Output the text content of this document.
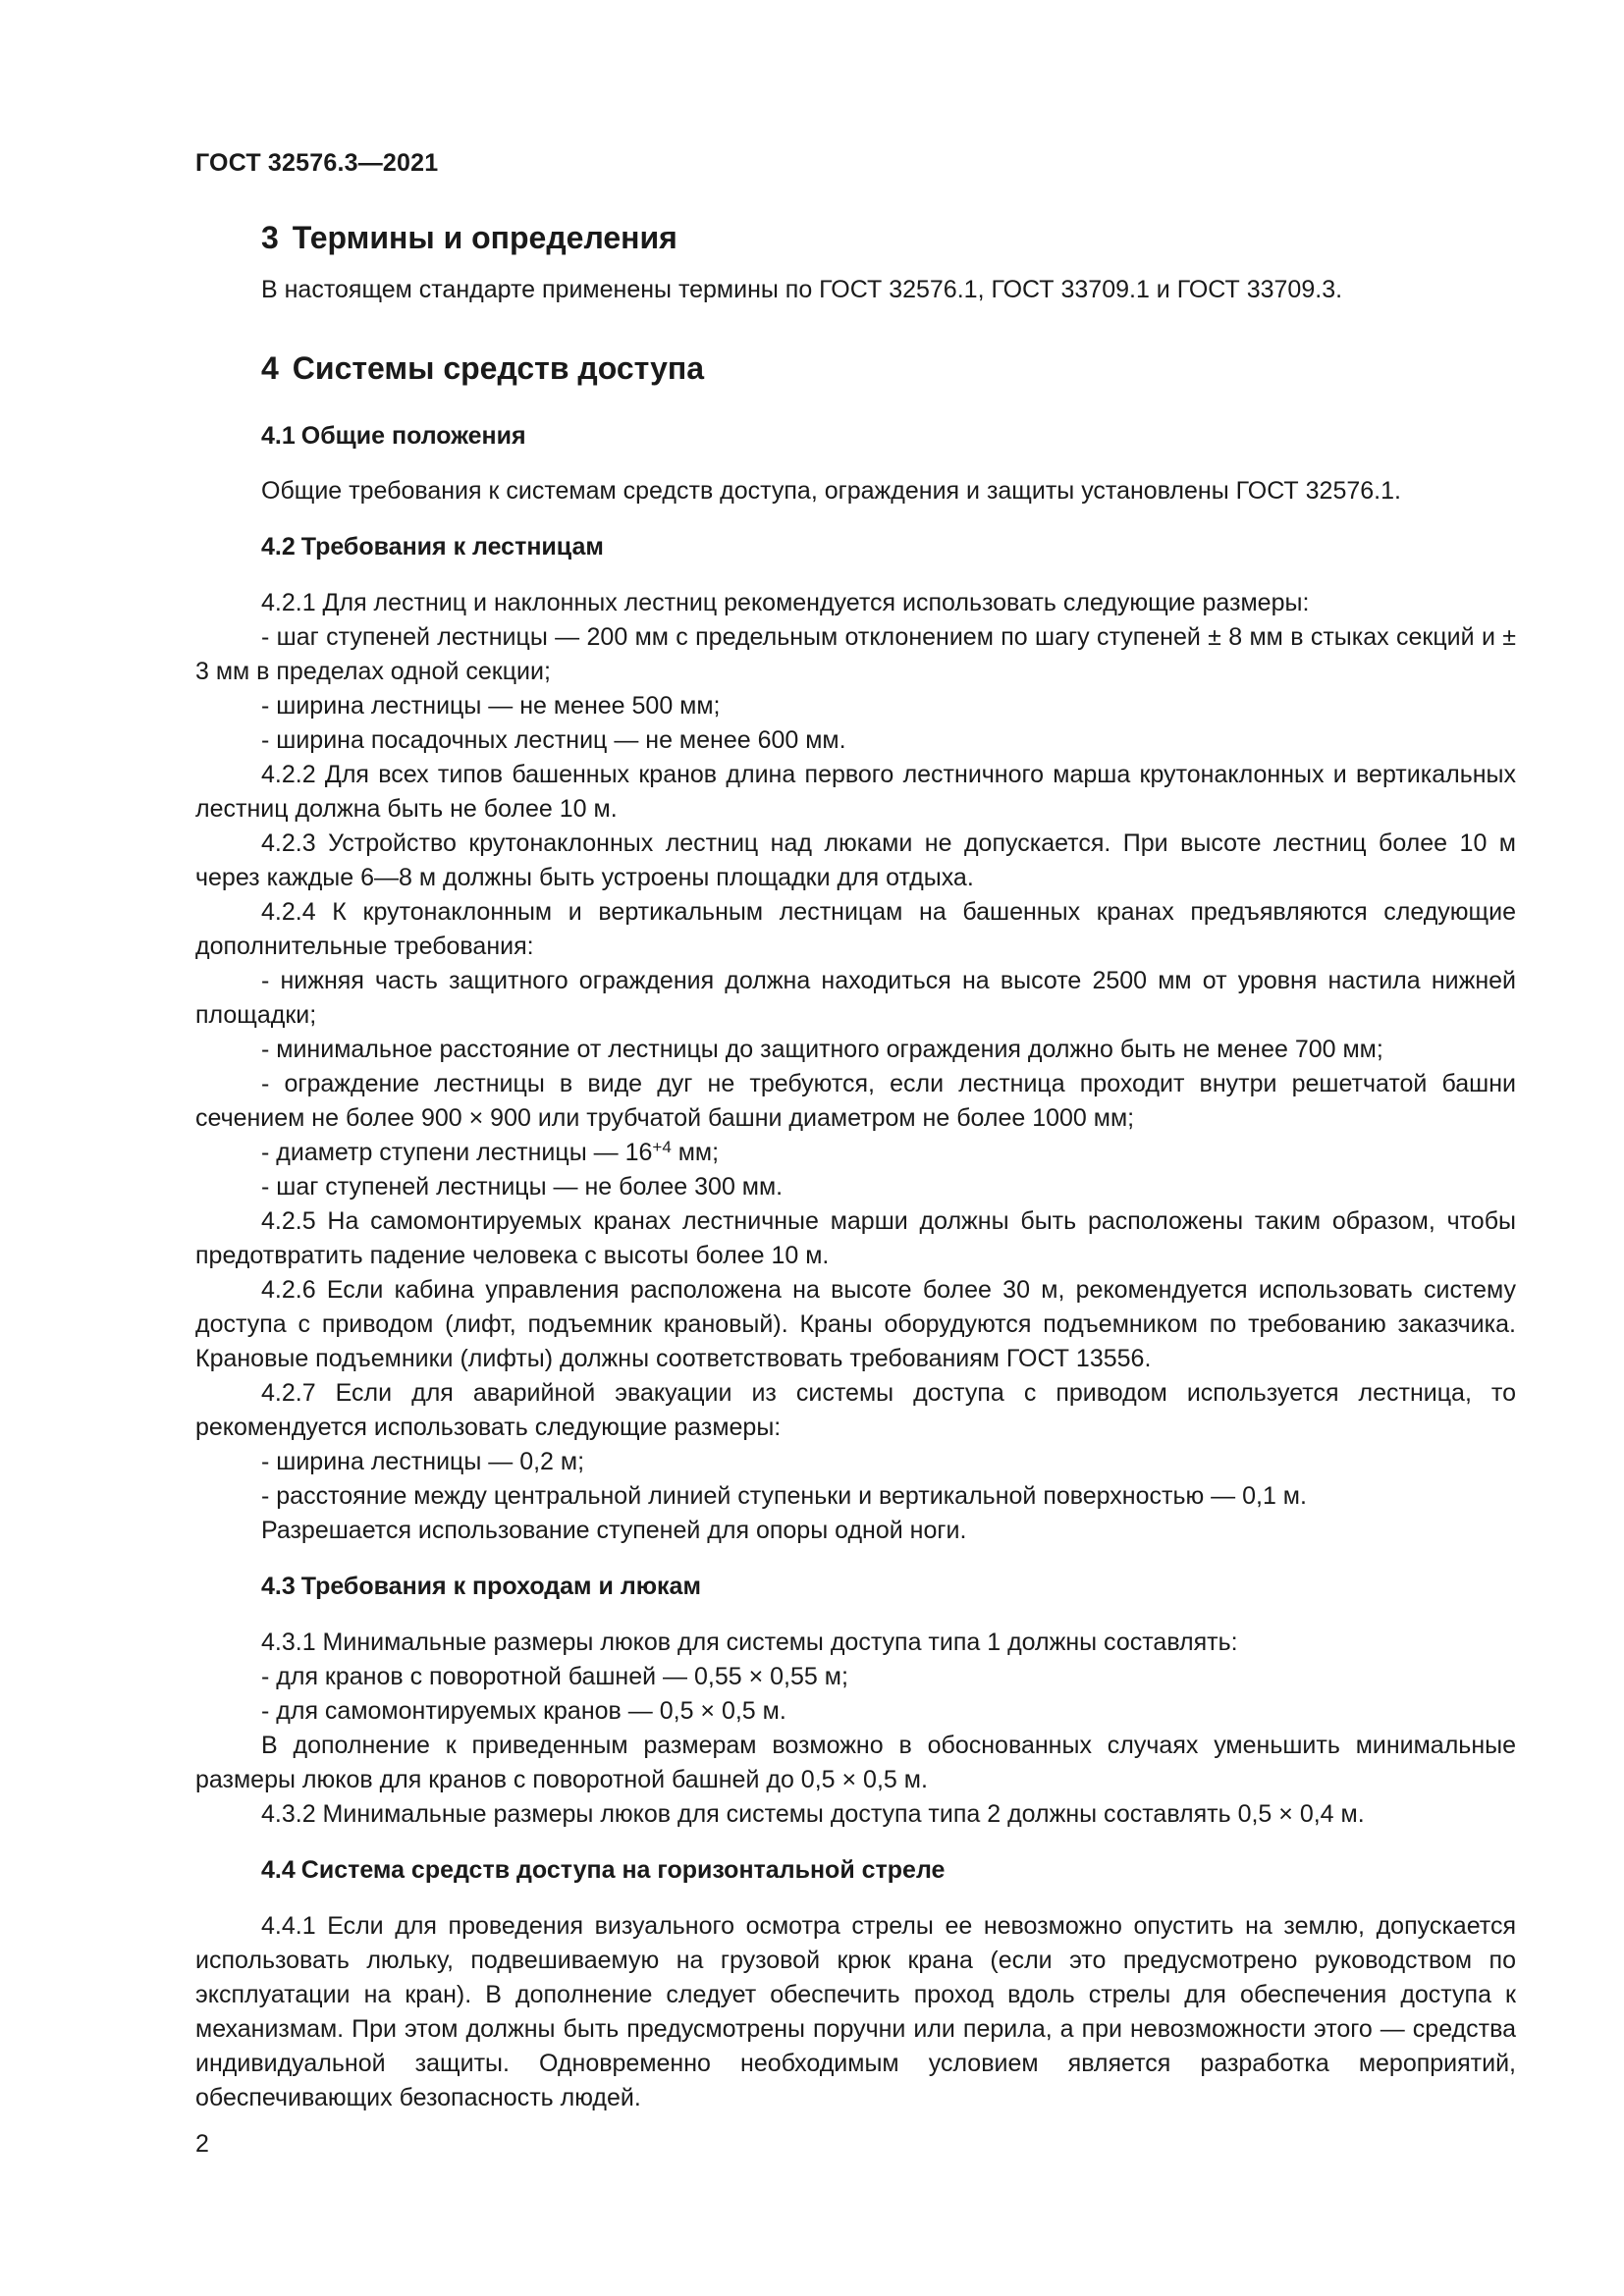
ГОСТ 32576.3—2021
3 Термины и определения

В настоящем стандарте применены термины по ГОСТ 32576.1, ГОСТ 33709.1 и ГОСТ 33709.3.

4 Системы средств доступа
4.1 Общие положения

Общие требования к системам средств доступа, ограждения и защиты установлены ГОСТ 32576.1.

4.2 Требования к лестницам

4.2.1 Для лестниц и наклонных лестниц рекомендуется использовать следующие размеры:

- шаг ступеней лестницы — 200 мм с предельным отклонением по шагу ступеней ± 8 мм в стыках секций и ± 3 мм в пределах одной секции;

- ширина лестницы — не менее 500 мм;

- ширина посадочных лестниц — не менее 600 мм.

4.2.2 Для всех типов башенных кранов длина первого лестничного марша крутонаклонных и вертикальных лестниц должна быть не более 10 м.

4.2.3 Устройство крутонаклонных лестниц над люками не допускается. При высоте лестниц более 10 м через каждые 6—8 м должны быть устроены площадки для отдыха.

4.2.4 К крутонаклонным и вертикальным лестницам на башенных кранах предъявляются следующие дополнительные требования:

- нижняя часть защитного ограждения должна находиться на высоте 2500 мм от уровня настила нижней площадки;

- минимальное расстояние от лестницы до защитного ограждения должно быть не менее 700 мм;

- ограждение лестницы в виде дуг не требуются, если лестница проходит внутри решетчатой башни сечением не более 900 × 900 или трубчатой башни диаметром не более 1000 мм;

- диаметр ступени лестницы — $16^{+4}$ мм;

- шаг ступеней лестницы — не более 300 мм.

4.2.5 На самомонтируемых кранах лестничные марши должны быть расположены таким образом, чтобы предотвратить падение человека с высоты более 10 м.

4.2.6 Если кабина управления расположена на высоте более 30 м, рекомендуется использовать систему доступа с приводом (лифт, подъемник крановый). Краны оборудуются подъемником по требованию заказчика. Крановые подъемники (лифты) должны соответствовать требованиям ГОСТ 13556.

4.2.7 Если для аварийной эвакуации из системы доступа с приводом используется лестница, то рекомендуется использовать следующие размеры:

- ширина лестницы — 0,2 м;

- расстояние между центральной линией ступеньки и вертикальной поверхностью — 0,1 м.

Разрешается использование ступеней для опоры одной ноги.

4.3 Требования к проходам и люкам

4.3.1 Минимальные размеры люков для системы доступа типа 1 должны составлять:

- для кранов с поворотной башней — 0,55 × 0,55 м;

- для самомонтируемых кранов — 0,5 × 0,5 м.

В дополнение к приведенным размерам возможно в обоснованных случаях уменьшить минимальные размеры люков для кранов с поворотной башней до 0,5 × 0,5 м.

4.3.2 Минимальные размеры люков для системы доступа типа 2 должны составлять 0,5 × 0,4 м.

4.4 Система средств доступа на горизонтальной стреле

4.4.1 Если для проведения визуального осмотра стрелы ее невозможно опустить на землю, допускается использовать люльку, подвешиваемую на грузовой крюк крана (если это предусмотрено руководством по эксплуатации на кран). В дополнение следует обеспечить проход вдоль стрелы для обеспечения доступа к механизмам. При этом должны быть предусмотрены поручни или перила, а при невозможности этого — средства индивидуальной защиты. Одновременно необходимым условием является разработка мероприятий, обеспечивающих безопасность людей.

2
